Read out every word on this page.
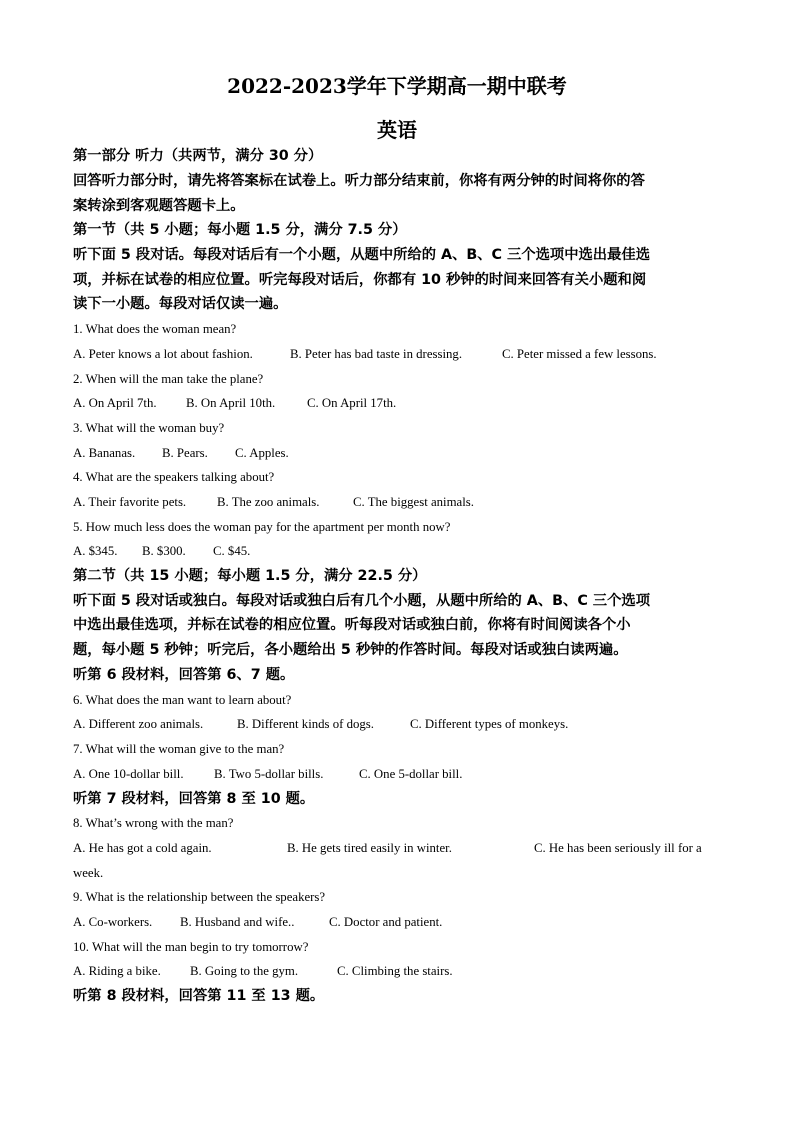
2022-2023学年下学期高一期中联考
英语
第一部分 听力（共两节，满分 30 分）
回答听力部分时，请先将答案标在试卷上。听力部分结束前，你将有两分钟的时间将你的答
案转涂到客观题答题卡上。
第一节（共 5 小题；每小题 1.5 分，满分 7.5 分）
听下面 5 段对话。每段对话后有一个小题，从题中所给的 A、B、C 三个选项中选出最佳选
项，并标在试卷的相应位置。听完每段对话后，你都有 10 秒钟的时间来回答有关小题和阅
读下一小题。每段对话仅读一遍。
1. What does the woman mean?
A. Peter knows a lot about fashion.	B. Peter has bad taste in dressing.	C. Peter missed a few lessons.
2. When will the man take the plane?
A. On April 7th. B. On April 10th. C. On April 17th.
3. What will the woman buy?
A. Bananas. B. Pears. C. Apples.
4. What are the speakers talking about?
A. Their favorite pets. B. The zoo animals.	C. The biggest animals.
5. How much less does the woman pay for the apartment per month now?
A. $345. B. $300. C. $45.
第二节（共 15 小题；每小题 1.5 分，满分 22.5 分）
听下面 5 段对话或独白。每段对话或独白后有几个小题，从题中所给的 A、B、C 三个选项
中选出最佳选项，并标在试卷的相应位置。听每段对话或独白前，你将有时间阅读各个小
题，每小题 5 秒钟；听完后，各小题给出 5 秒钟的作答时间。每段对话或独白读两遍。
听第 6 段材料，回答第 6、7 题。
6. What does the man want to learn about?
A. Different zoo animals.	B. Different kinds of dogs.	C. Different types of monkeys.
7. What will the woman give to the man?
A. One 10-dollar bill. B. Two 5-dollar bills.	C. One 5-dollar bill.
听第 7 段材料，回答第 8 至 10 题。
8. What’s wrong with the man?
A. He has got a cold again.	B. He gets tired easily in winter.	C. He has been seriously ill for a
week.
9. What is the relationship between the speakers?
A. Co-workers. B. Husband and wife..	C. Doctor and patient.
10. What will the man begin to try tomorrow?
A. Riding a bike. B. Going to the gym.	C. Climbing the stairs.
听第 8 段材料，回答第 11 至 13 题。
